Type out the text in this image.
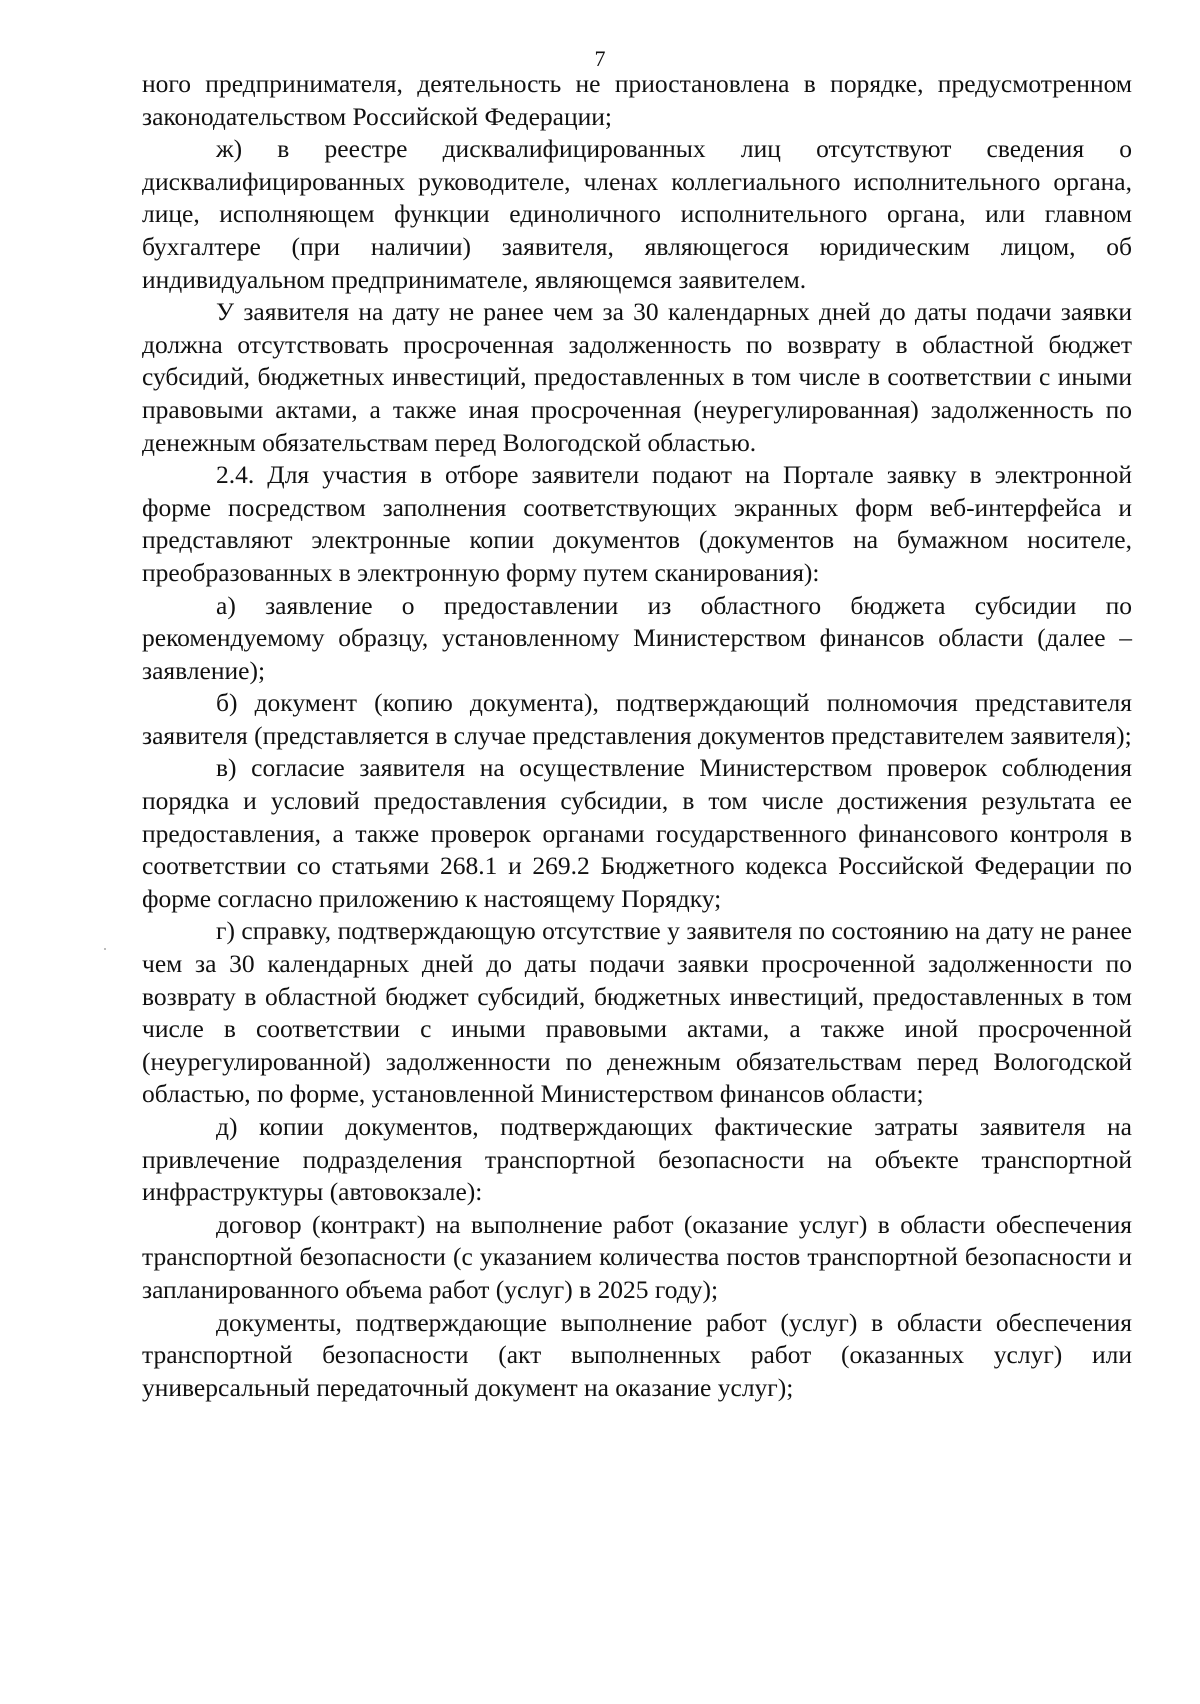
7

ного предпринимателя, деятельность не приостановлена в порядке, предусмотренном законодательством Российской Федерации;

ж) в реестре дисквалифицированных лиц отсутствуют сведения о дисквалифицированных руководителе, членах коллегиального исполнительного органа, лице, исполняющем функции единоличного исполнительного органа, или главном бухгалтере (при наличии) заявителя, являющегося юридическим лицом, об индивидуальном предпринимателе, являющемся заявителем.

У заявителя на дату не ранее чем за 30 календарных дней до даты подачи заявки должна отсутствовать просроченная задолженность по возврату в областной бюджет субсидий, бюджетных инвестиций, предоставленных в том числе в соответствии с иными правовыми актами, а также иная просроченная (неурегулированная) задолженность по денежным обязательствам перед Вологодской областью.

2.4. Для участия в отборе заявители подают на Портале заявку в электронной форме посредством заполнения соответствующих экранных форм веб-интерфейса и представляют электронные копии документов (документов на бумажном носителе, преобразованных в электронную форму путем сканирования):

а) заявление о предоставлении из областного бюджета субсидии по рекомендуемому образцу, установленному Министерством финансов области (далее – заявление);

б) документ (копию документа), подтверждающий полномочия представителя заявителя (представляется в случае представления документов представителем заявителя);

в) согласие заявителя на осуществление Министерством проверок соблюдения порядка и условий предоставления субсидии, в том числе достижения результата ее предоставления, а также проверок органами государственного финансового контроля в соответствии со статьями 268.1 и 269.2 Бюджетного кодекса Российской Федерации по форме согласно приложению к настоящему Порядку;

г) справку, подтверждающую отсутствие у заявителя по состоянию на дату не ранее чем за 30 календарных дней до даты подачи заявки просроченной задолженности по возврату в областной бюджет субсидий, бюджетных инвестиций, предоставленных в том числе в соответствии с иными правовыми актами, а также иной просроченной (неурегулированной) задолженности по денежным обязательствам перед Вологодской областью, по форме, установленной Министерством финансов области;

д) копии документов, подтверждающих фактические затраты заявителя на привлечение подразделения транспортной безопасности на объекте транспортной инфраструктуры (автовокзале):

договор (контракт) на выполнение работ (оказание услуг) в области обеспечения транспортной безопасности (с указанием количества постов транспортной безопасности и запланированного объема работ (услуг) в 2025 году);

документы, подтверждающие выполнение работ (услуг) в области обеспечения транспортной безопасности (акт выполненных работ (оказанных услуг) или универсальный передаточный документ на оказание услуг);
